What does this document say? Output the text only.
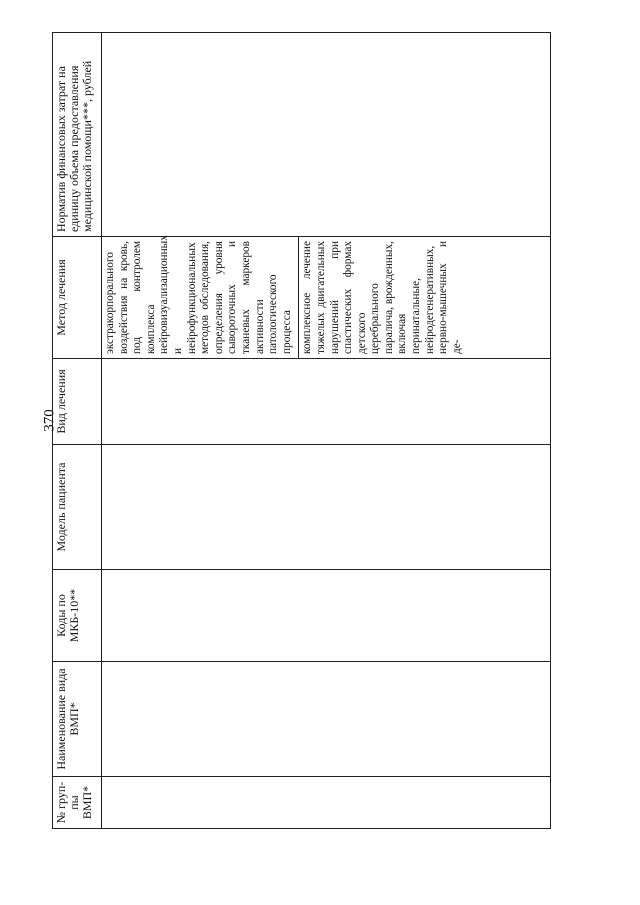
370
№ груп-пы ВМП*	Наименование вида ВМП*	Коды по МКБ-10**	Модель пациента	Вид лечения	Метод лечения	Норматив финансовых затрат на единицу объема предоставления медицинской помощи***, рублей
					экстракорпорального воздействия на кровь, под контролем комплекса нейровизуализационных и нейрофункциональных методов обследования, определения уровня сывороточных и тканевых маркеров активности патологического процесса	
					комплексное лечение тяжелых двигательных нарушений при спастических формах детского церебрального паралича, врожденных, включая перинатальные, нейродегенеративных, нервно-мышечных и де-	
